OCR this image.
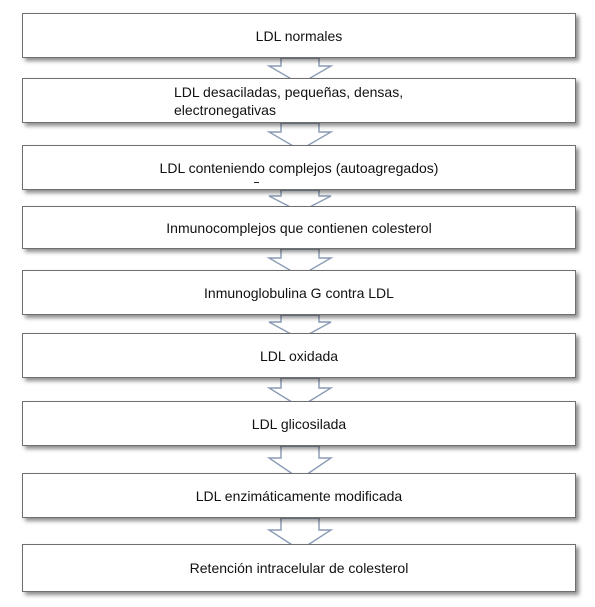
LDL normales
LDL desaciladas, pequeñas, densas, electronegativas
LDL conteniendo complejos (autoagregados)
Inmunocomplejos que contienen colesterol
Inmunoglobulina G contra LDL
LDL oxidada
LDL glicosilada
LDL enzimáticamente modificada
Retención intracelular de colesterol
